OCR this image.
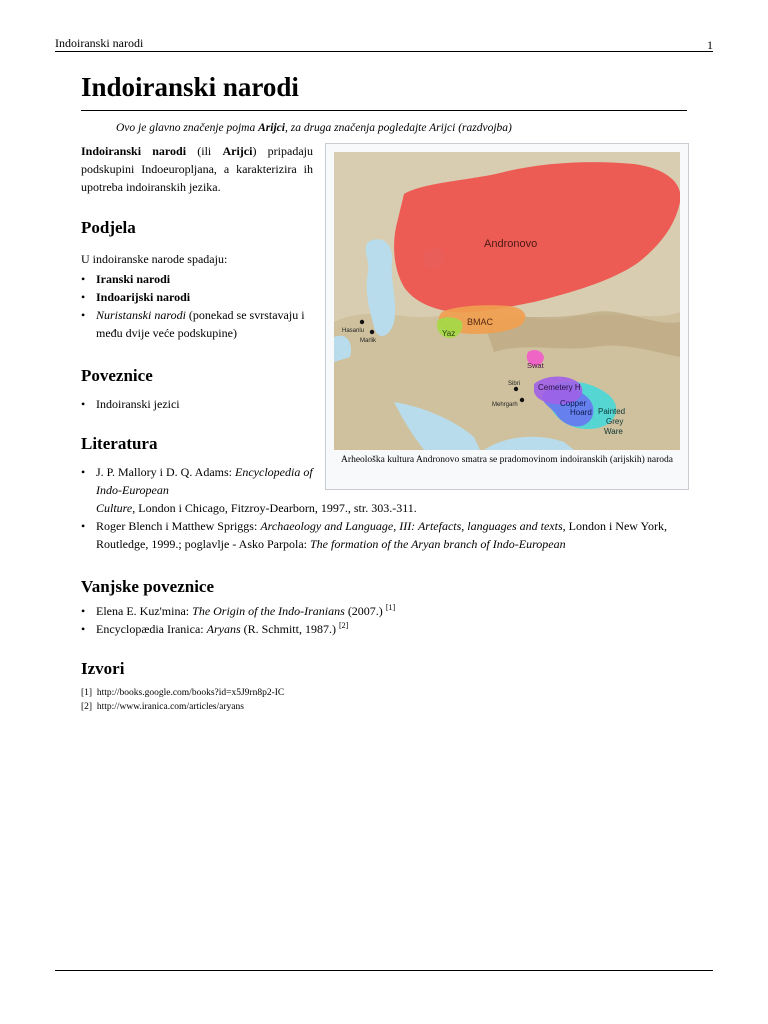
Indoiranski narodi	1
Indoiranski narodi
Ovo je glavno značenje pojma Arijci, za druga značenja pogledajte Arijci (razdvojba)
Indoiranski narodi (ili Arijci) pripadaju podskupini Indoeuropljana, a karakterizira ih upotreba indoiranskih jezika.
Andronovo
BMAC
Yaz
Swat
Cemetery H
Copper
Hoard Painted
Grey
Ware
Hasanlu
Marlik
Sibri
Mehrgarh
Arheološka kultura Andronovo smatra se pradomovinom indoiranskih (arijskih) naroda
Podjela
U indoiranske narode spadaju:
• Iranski narodi
• Indoarijski narodi
• Nuristanski narodi (ponekad se svrstavaju i među dvije veće podskupine)
Poveznice
• Indoiranski jezici
Literatura
• J. P. Mallory i D. Q. Adams: Encyclopedia of Indo-European Culture, London i Chicago, Fitzroy-Dearborn, 1997., str. 303.-311.
• Roger Blench i Matthew Spriggs: Archaeology and Language, III: Artefacts, languages and texts, London i New York, Routledge, 1999.; poglavlje - Asko Parpola: The formation of the Aryan branch of Indo-European
Vanjske poveznice
• Elena E. Kuz'mina: The Origin of the Indo-Iranians (2007.) [1]
• Encyclopædia Iranica: Aryans (R. Schmitt, 1987.) [2]
Izvori
[1] http://books.google.com/books?id=x5J9rn8p2-IC
[2] http://www.iranica.com/articles/aryans
